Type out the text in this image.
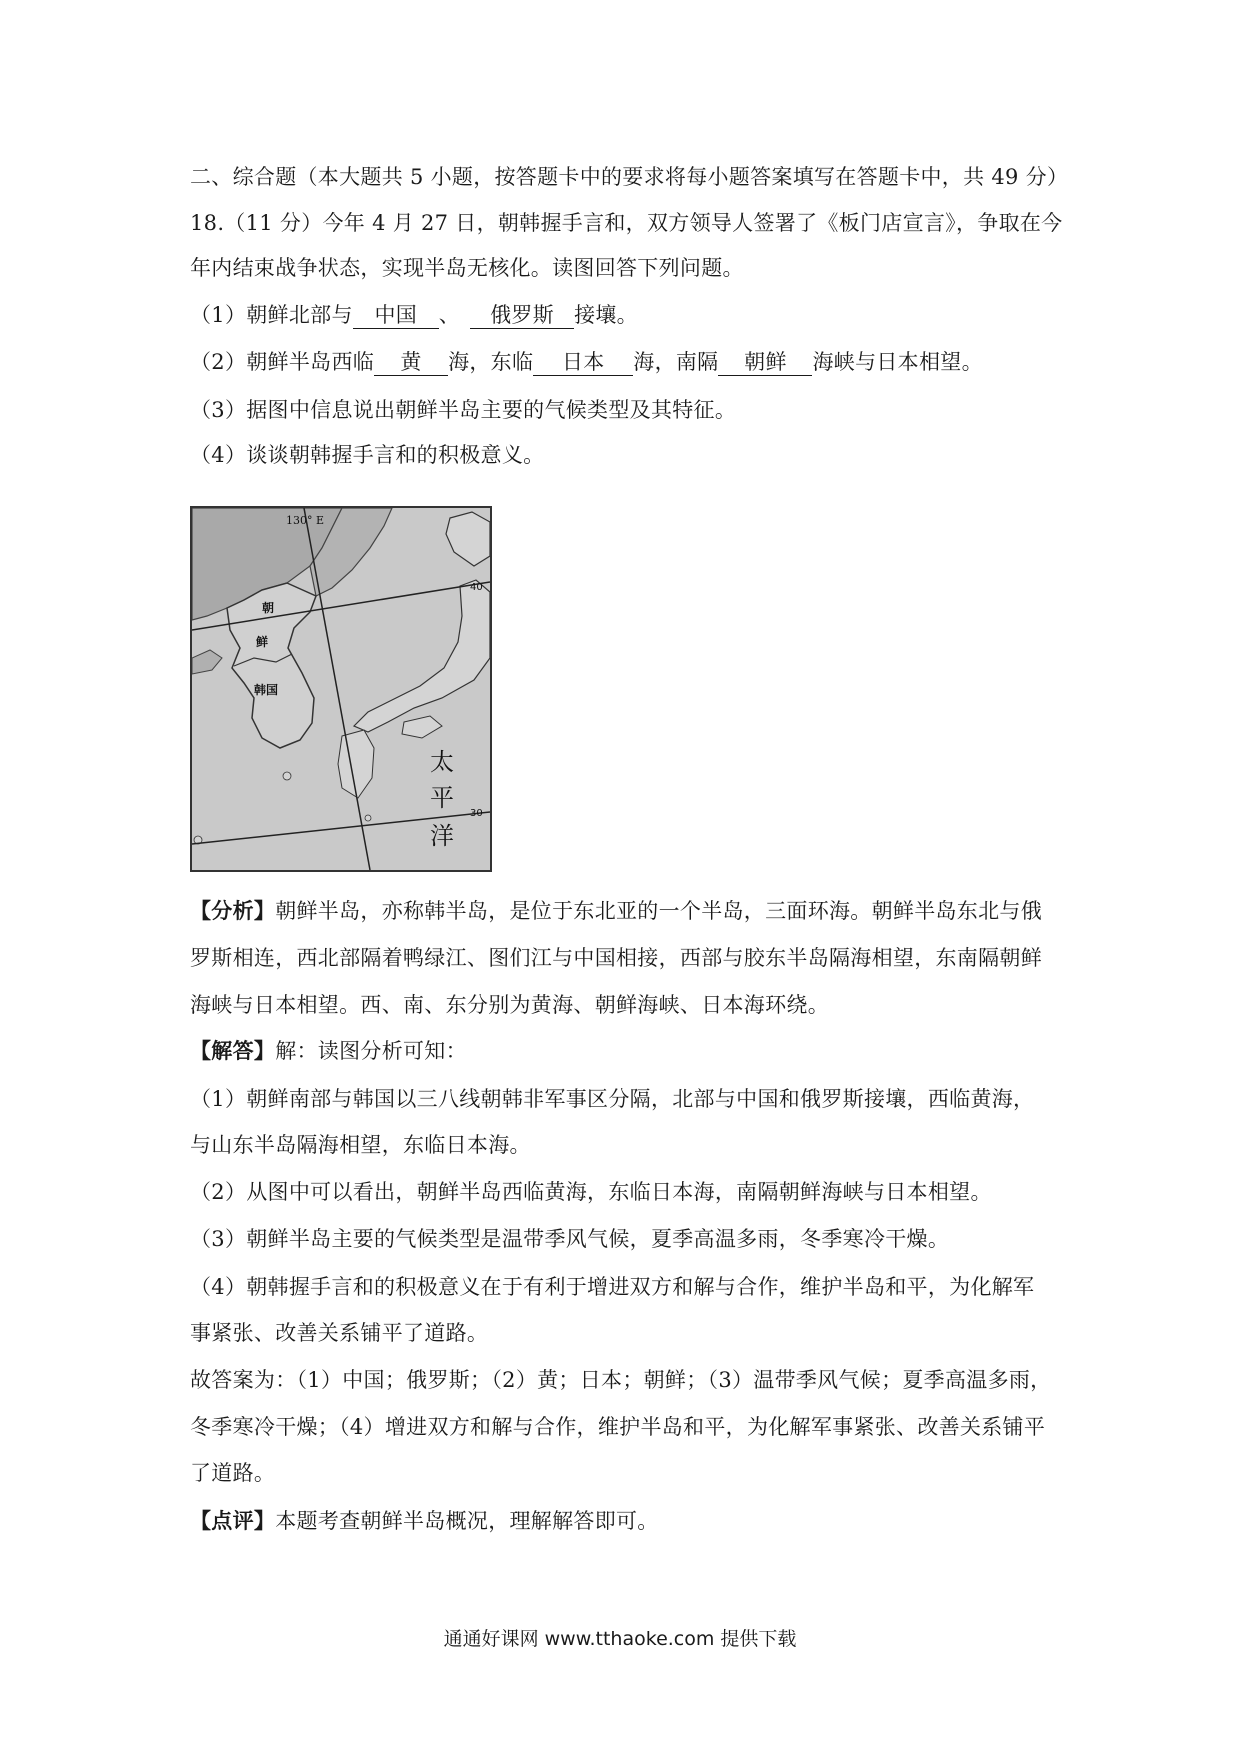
二、综合题（本大题共 5 小题，按答题卡中的要求将每小题答案填写在答题卡中，共 49 分）
18.（11 分）今年 4 月 27 日，朝韩握手言和，双方领导人签署了《板门店宣言》，争取在今
年内结束战争状态，实现半岛无核化。读图回答下列问题。
（1）朝鲜北部与 中国 、 俄罗斯 接壤。
（2）朝鲜半岛西临 黄 海，东临 日本 海，南隔 朝鲜 海峡与日本相望。
（3）据图中信息说出朝鲜半岛主要的气候类型及其特征。
（4）谈谈朝韩握手言和的积极意义。
130° E
40
30
朝
鲜
韩国
太
平
洋
【分析】朝鲜半岛，亦称韩半岛，是位于东北亚的一个半岛，三面环海。朝鲜半岛东北与俄
罗斯相连，西北部隔着鸭绿江、图们江与中国相接，西部与胶东半岛隔海相望，东南隔朝鲜
海峡与日本相望。西、南、东分别为黄海、朝鲜海峡、日本海环绕。
【解答】解：读图分析可知：
（1）朝鲜南部与韩国以三八线朝韩非军事区分隔，北部与中国和俄罗斯接壤，西临黄海，
与山东半岛隔海相望，东临日本海。
（2）从图中可以看出，朝鲜半岛西临黄海，东临日本海，南隔朝鲜海峡与日本相望。
（3）朝鲜半岛主要的气候类型是温带季风气候，夏季高温多雨，冬季寒冷干燥。
（4）朝韩握手言和的积极意义在于有利于增进双方和解与合作，维护半岛和平，为化解军
事紧张、改善关系铺平了道路。
故答案为：（1）中国；俄罗斯；（2）黄；日本；朝鲜；（3）温带季风气候；夏季高温多雨，
冬季寒冷干燥；（4）增进双方和解与合作，维护半岛和平，为化解军事紧张、改善关系铺平
了道路。
【点评】本题考查朝鲜半岛概况，理解解答即可。
通通好课网 www.tthaoke.com 提供下载
